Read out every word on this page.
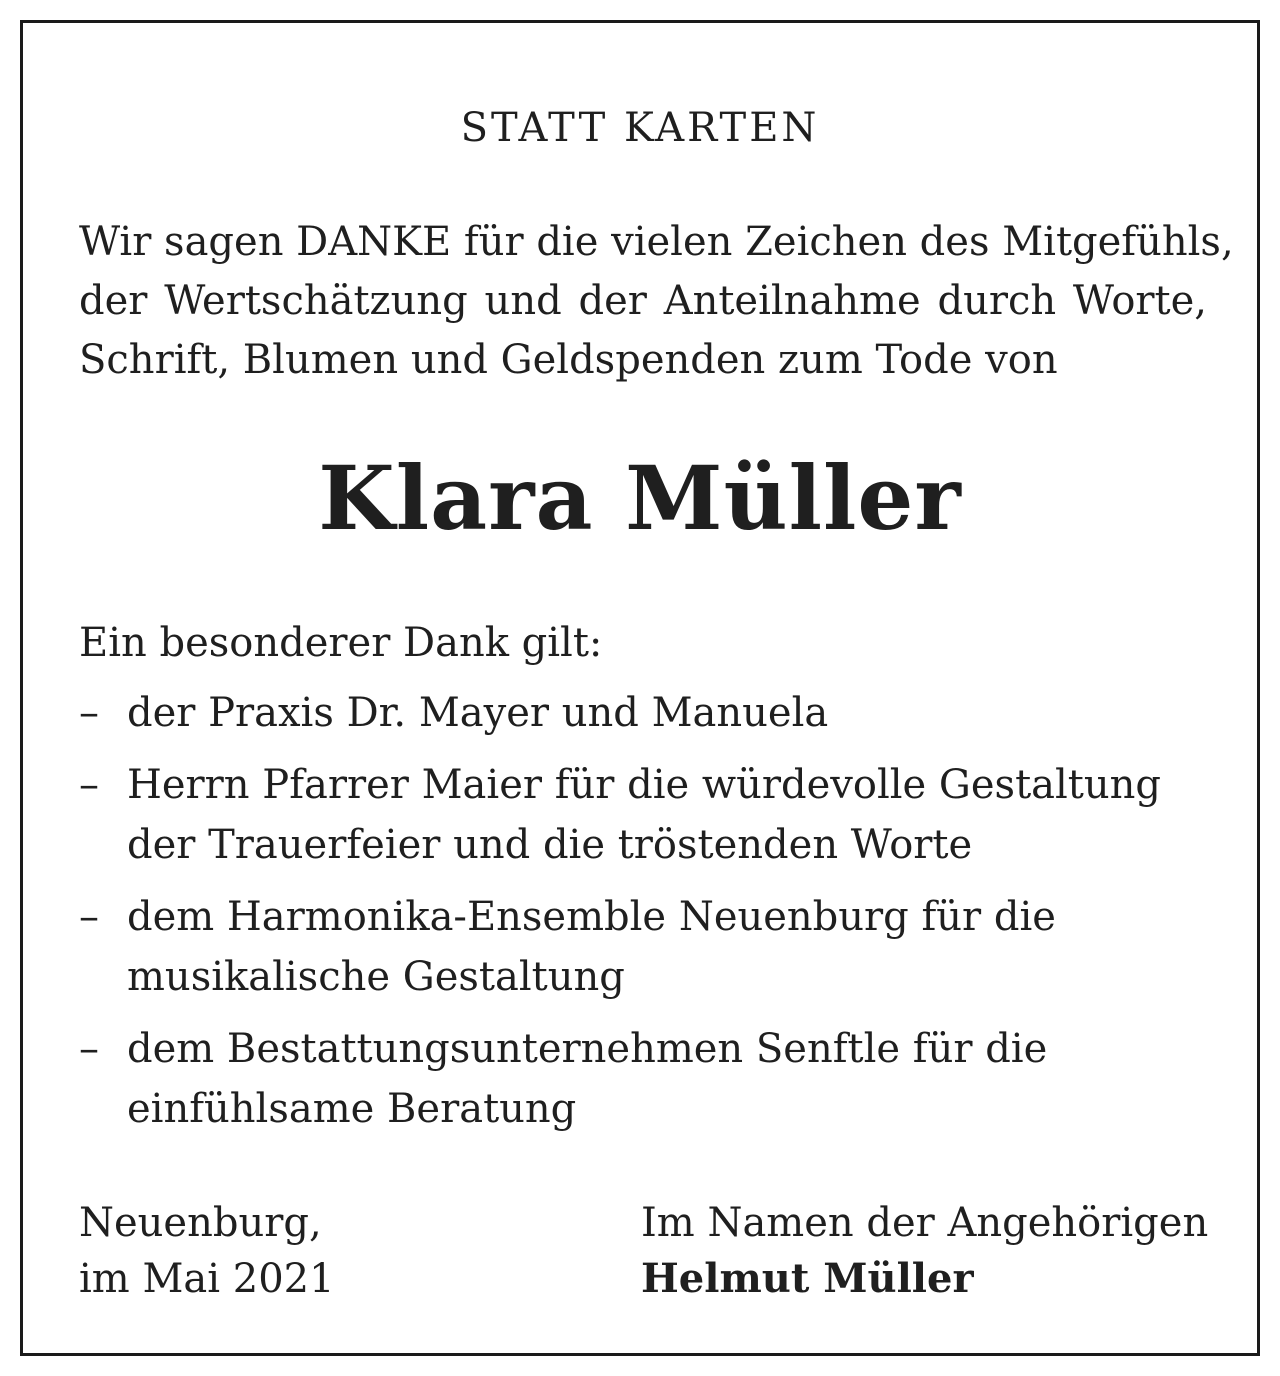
STATT KARTEN
Wir sagen DANKE für die vielen Zeichen des Mitgefühls,
der Wertschätzung und der Anteilnahme durch Worte,
Schrift, Blumen und Geldspenden zum Tode von
Klara Müller
Ein besonderer Dank gilt:
– der Praxis Dr. Mayer und Manuela
– Herrn Pfarrer Maier für die würdevolle Gestaltung
der Trauerfeier und die tröstenden Worte
– dem Harmonika-Ensemble Neuenburg für die
musikalische Gestaltung
– dem Bestattungsunternehmen Senftle für die
einfühlsame Beratung
Neuenburg,
im Mai 2021
Im Namen der Angehörigen
Helmut Müller
